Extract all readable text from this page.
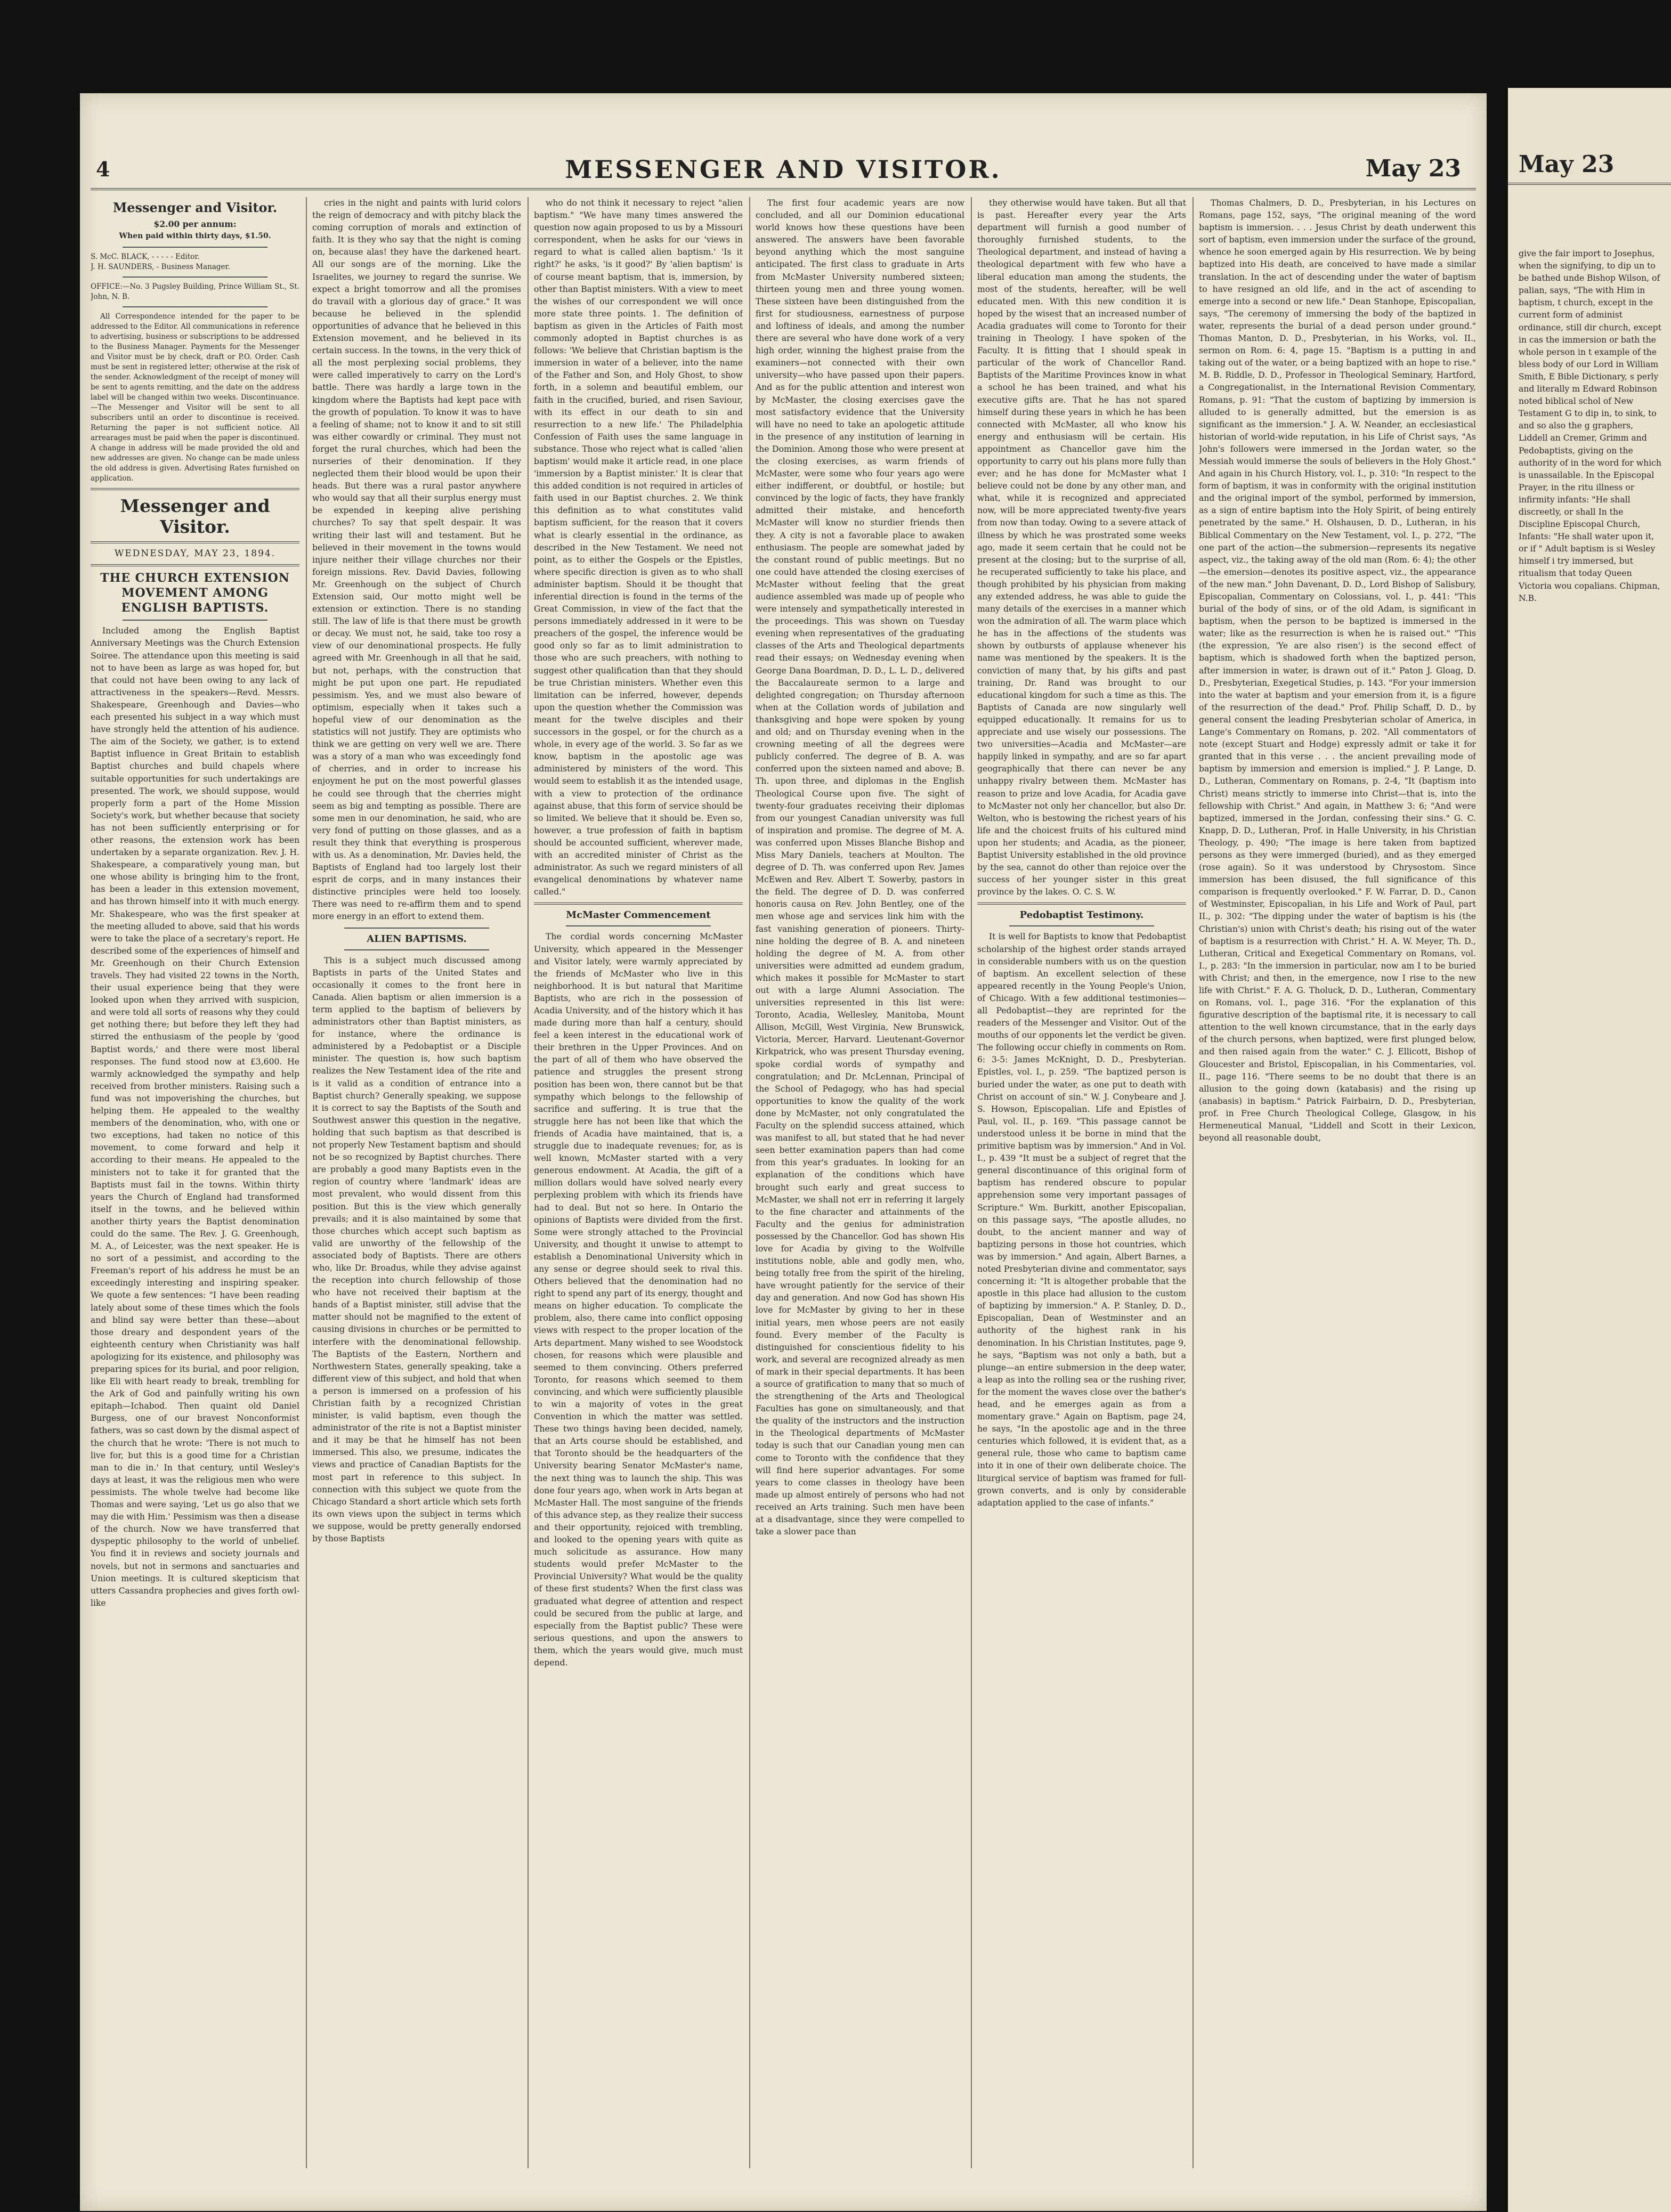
4	MESSENGER AND VISITOR.	May 23
Messenger and Visitor.
$2.00 per annum:
When paid within thirty days, $1.50.
S. McC. BLACK, - - - - - Editor.
J. H. SAUNDERS, - Business Manager.
OFFICE:—No. 3 Pugsley Building, Prince William St., St. John, N. B.
All Correspondence intended for the paper to be addressed to the Editor. All communications in reference to advertising, business or subscriptions to be addressed to the Business Manager. Payments for the Messenger and Visitor must be by check, draft or P.O. Order. Cash must be sent in registered letter; otherwise at the risk of the sender. Acknowledgment of the receipt of money will be sent to agents remitting, and the date on the address label will be changed within two weeks. Discontinuance.—The Messenger and Visitor will be sent to all subscribers until an order to discontinue is received. Returning the paper is not sufficient notice. All arrearages must be paid when the paper is discontinued. A change in address will be made provided the old and new addresses are given. No change can be made unless the old address is given. Advertising Rates furnished on application.
Messenger and Visitor.
WEDNESDAY, MAY 23, 1894.
THE CHURCH EXTENSION MOVEMENT AMONG ENGLISH BAPTISTS.

Included among the English Baptist Anniversary Meetings was the Church Extension Soiree. The attendance upon this meeting is said not to have been as large as was hoped for, but that could not have been owing to any lack of attractiveness in the speakers—Revd. Messrs. Shakespeare, Greenhough and Davies—who each presented his subject in a way which must have strongly held the attention of his audience. The aim of the Society, we gather, is to extend Baptist influence in Great Britain to establish Baptist churches and build chapels where suitable opportunities for such undertakings are presented. The work, we should suppose, would properly form a part of the Home Mission Society's work, but whether because that society has not been sufficiently enterprising or for other reasons, the extension work has been undertaken by a separate organization. Rev. J. H. Shakespeare, a comparatively young man, but one whose ability is bringing him to the front, has been a leader in this extension movement, and has thrown himself into it with much energy. Mr. Shakespeare, who was the first speaker at the meeting alluded to above, said that his words were to take the place of a secretary's report. He described some of the experiences of himself and Mr. Greenhough on their Church Extension travels. They had visited 22 towns in the North, their usual experience being that they were looked upon when they arrived with suspicion, and were told all sorts of reasons why they could get nothing there; but before they left they had stirred the enthusiasm of the people by 'good Baptist words,' and there were most liberal responses. The fund stood now at £3,600. He warmly acknowledged the sympathy and help received from brother ministers. Raising such a fund was not impoverishing the churches, but helping them. He appealed to the wealthy members of the denomination, who, with one or two exceptions, had taken no notice of this movement, to come forward and help it according to their means. He appealed to the ministers not to take it for granted that the Baptists must fail in the towns. Within thirty years the Church of England had transformed itself in the towns, and he believed within another thirty years the Baptist denomination could do the same. The Rev. J. G. Greenhough, M. A., of Leicester, was the next speaker. He is no sort of a pessimist, and according to the Freeman's report of his address he must be an exceedingly interesting and inspiring speaker. We quote a few sentences: "I have been reading lately about some of these times which the fools and blind say were better than these—about those dreary and despondent years of the eighteenth century when Christianity was half apologizing for its existence, and philosophy was preparing spices for its burial, and poor religion, like Eli with heart ready to break, trembling for the Ark of God and painfully writing his own epitaph—Ichabod. Then quaint old Daniel Burgess, one of our bravest Nonconformist fathers, was so cast down by the dismal aspect of the church that he wrote: 'There is not much to live for, but this is a good time for a Christian man to die in.' In that century, until Wesley's days at least, it was the religious men who were pessimists. The whole twelve had become like Thomas and were saying, 'Let us go also that we may die with Him.' Pessimism was then a disease of the church. Now we have transferred that dyspeptic philosophy to the world of unbelief. You find it in reviews and society journals and novels, but not in sermons and sanctuaries and Union meetings. It is cultured skepticism that utters Cassandra prophecies and gives forth owl-like

cries in the night and paints with lurid colors the reign of democracy and with pitchy black the coming corruption of morals and extinction of faith. It is they who say that the night is coming on, because alas! they have the darkened heart. All our songs are of the morning. Like the Israelites, we journey to regard the sunrise. We expect a bright tomorrow and all the promises do travail with a glorious day of grace." It was because he believed in the splendid opportunities of advance that he believed in this Extension movement, and he believed in its certain success. In the towns, in the very thick of all the most perplexing social problems, they were called imperatively to carry on the Lord's battle. There was hardly a large town in the kingdom where the Baptists had kept pace with the growth of population. To know it was to have a feeling of shame; not to know it and to sit still was either cowardly or criminal. They must not forget the rural churches, which had been the nurseries of their denomination. If they neglected them their blood would be upon their heads. But there was a rural pastor anywhere who would say that all their surplus energy must be expended in keeping alive perishing churches? To say that spelt despair. It was writing their last will and testament. But he believed in their movement in the towns would injure neither their village churches nor their foreign missions. Rev. David Davies, following Mr. Greenhough on the subject of Church Extension said, Our motto might well be extension or extinction. There is no standing still. The law of life is that there must be growth or decay. We must not, he said, take too rosy a view of our denominational prospects. He fully agreed with Mr. Greenhough in all that he said, but not, perhaps, with the construction that might be put upon one part. He repudiated pessimism. Yes, and we must also beware of optimism, especially when it takes such a hopeful view of our denomination as the statistics will not justify. They are optimists who think we are getting on very well we are. There was a story of a man who was exceedingly fond of cherries, and in order to increase his enjoyment he put on the most powerful glasses he could see through that the cherries might seem as big and tempting as possible. There are some men in our denomination, he said, who are very fond of putting on those glasses, and as a result they think that everything is prosperous with us. As a denomination, Mr. Davies held, the Baptists of England had too largely lost their esprit de corps, and in many instances their distinctive principles were held too loosely. There was need to re-affirm them and to spend more energy in an effort to extend them.

ALIEN BAPTISMS.

This is a subject much discussed among Baptists in parts of the United States and occasionally it comes to the front here in Canada. Alien baptism or alien immersion is a term applied to the baptism of believers by administrators other than Baptist ministers, as for instance, where the ordinance is administered by a Pedobaptist or a Disciple minister. The question is, how such baptism realizes the New Testament idea of the rite and is it valid as a condition of entrance into a Baptist church? Generally speaking, we suppose it is correct to say the Baptists of the South and Southwest answer this question in the negative, holding that such baptism as that described is not properly New Testament baptism and should not be so recognized by Baptist churches. There are probably a good many Baptists even in the region of country where 'landmark' ideas are most prevalent, who would dissent from this position. But this is the view which generally prevails; and it is also maintained by some that those churches which accept such baptism as valid are unworthy of the fellowship of the associated body of Baptists. There are others who, like Dr. Broadus, while they advise against the reception into church fellowship of those who have not received their baptism at the hands of a Baptist minister, still advise that the matter should not be magnified to the extent of causing divisions in churches or be permitted to interfere with the denominational fellowship. The Baptists of the Eastern, Northern and Northwestern States, generally speaking, take a different view of this subject, and hold that when a person is immersed on a profession of his Christian faith by a recognized Christian minister, is valid baptism, even though the administrator of the rite is not a Baptist minister and it may be that he himself has not been immersed. This also, we presume, indicates the views and practice of Canadian Baptists for the most part in reference to this subject. In connection with this subject we quote from the Chicago Standard a short article which sets forth its own views upon the subject in terms which we suppose, would be pretty generally endorsed by those Baptists

who do not think it necessary to reject "alien baptism." "We have many times answered the question now again proposed to us by a Missouri correspondent, when he asks for our 'views in regard to what is called alien baptism.' 'Is it right?' he asks, 'is it good?' By 'alien baptism' is of course meant baptism, that is, immersion, by other than Baptist ministers. With a view to meet the wishes of our correspondent we will once more state three points. 1. The definition of baptism as given in the Articles of Faith most commonly adopted in Baptist churches is as follows: 'We believe that Christian baptism is the immersion in water of a believer, into the name of the Father and Son, and Holy Ghost, to show forth, in a solemn and beautiful emblem, our faith in the crucified, buried, and risen Saviour, with its effect in our death to sin and resurrection to a new life.' The Philadelphia Confession of Faith uses the same language in substance. Those who reject what is called 'alien baptism' would make it article read, in one place 'immersion by a Baptist minister.' It is clear that this added condition is not required in articles of faith used in our Baptist churches. 2. We think this definition as to what constitutes valid baptism sufficient, for the reason that it covers what is clearly essential in the ordinance, as described in the New Testament. We need not point, as to either the Gospels or the Epistles, where specific direction is given as to who shall administer baptism. Should it be thought that inferential direction is found in the terms of the Great Commission, in view of the fact that the persons immediately addressed in it were to be preachers of the gospel, the inference would be good only so far as to limit administration to those who are such preachers, with nothing to suggest other qualification than that they should be true Christian ministers. Whether even this limitation can be inferred, however, depends upon the question whether the Commission was meant for the twelve disciples and their successors in the gospel, or for the church as a whole, in every age of the world. 3. So far as we know, baptism in the apostolic age was administered by ministers of the word. This would seem to establish it as the intended usage, with a view to protection of the ordinance against abuse, that this form of service should be so limited. We believe that it should be. Even so, however, a true profession of faith in baptism should be accounted sufficient, wherever made, with an accredited minister of Christ as the administrator. As such we regard ministers of all evangelical denominations by whatever name called."

McMaster Commencement

The cordial words concerning McMaster University, which appeared in the Messenger and Visitor lately, were warmly appreciated by the friends of McMaster who live in this neighborhood. It is but natural that Maritime Baptists, who are rich in the possession of Acadia University, and of the history which it has made during more than half a century, should feel a keen interest in the educational work of their brethren in the Upper Provinces. And on the part of all of them who have observed the patience and struggles the present strong position has been won, there cannot but be that sympathy which belongs to the fellowship of sacrifice and suffering. It is true that the struggle here has not been like that which the friends of Acadia have maintained, that is, a struggle due to inadequate revenues; for, as is well known, McMaster started with a very generous endowment. At Acadia, the gift of a million dollars would have solved nearly every perplexing problem with which its friends have had to deal. But not so here. In Ontario the opinions of Baptists were divided from the first. Some were strongly attached to the Provincial University, and thought it unwise to attempt to establish a Denominational University which in any sense or degree should seek to rival this. Others believed that the denomination had no right to spend any part of its energy, thought and means on higher education. To complicate the problem, also, there came into conflict opposing views with respect to the proper location of the Arts department. Many wished to see Woodstock chosen, for reasons which were plausible and seemed to them convincing. Others preferred Toronto, for reasons which seemed to them convincing, and which were sufficiently plausible to win a majority of votes in the great Convention in which the matter was settled. These two things having been decided, namely, that an Arts course should be established, and that Toronto should be the headquarters of the University bearing Senator McMaster's name, the next thing was to launch the ship. This was done four years ago, when work in Arts began at McMaster Hall. The most sanguine of the friends of this advance step, as they realize their success and their opportunity, rejoiced with trembling, and looked to the opening years with quite as much solicitude as assurance. How many students would prefer McMaster to the Provincial University? What would be the quality of these first students? When the first class was graduated what degree of attention and respect could be secured from the public at large, and especially from the Baptist public? These were serious questions, and upon the answers to them, which the years would give, much must depend.

The first four academic years are now concluded, and all our Dominion educational world knows how these questions have been answered. The answers have been favorable beyond anything which the most sanguine anticipated. The first class to graduate in Arts from McMaster University numbered sixteen; thirteen young men and three young women. These sixteen have been distinguished from the first for studiousness, earnestness of purpose and loftiness of ideals, and among the number there are several who have done work of a very high order, winning the highest praise from the examiners—not connected with their own university—who have passed upon their papers. And as for the public attention and interest won by McMaster, the closing exercises gave the most satisfactory evidence that the University will have no need to take an apologetic attitude in the presence of any institution of learning in the Dominion. Among those who were present at the closing exercises, as warm friends of McMaster, were some who four years ago were either indifferent, or doubtful, or hostile; but convinced by the logic of facts, they have frankly admitted their mistake, and henceforth McMaster will know no sturdier friends then they. A city is not a favorable place to awaken enthusiasm. The people are somewhat jaded by the constant round of public meetings. But no one could have attended the closing exercises of McMaster without feeling that the great audience assembled was made up of people who were intensely and sympathetically interested in the proceedings. This was shown on Tuesday evening when representatives of the graduating classes of the Arts and Theological departments read their essays; on Wednesday evening when George Dana Boardman, D. D., L. L. D., delivered the Baccalaureate sermon to a large and delighted congregation; on Thursday afternoon when at the Collation words of jubilation and thanksgiving and hope were spoken by young and old; and on Thursday evening when in the crowning meeting of all the degrees were publicly conferred. The degree of B. A. was conferred upon the sixteen named and above; B. Th. upon three, and diplomas in the English Theological Course upon five. The sight of twenty-four graduates receiving their diplomas from our youngest Canadian university was full of inspiration and promise. The degree of M. A. was conferred upon Misses Blanche Bishop and Miss Mary Daniels, teachers at Moulton. The degree of D. Th. was conferred upon Rev. James McEwen and Rev. Albert T. Sowerby, pastors in the field. The degree of D. D. was conferred honoris causa on Rev. John Bentley, one of the men whose age and services link him with the fast vanishing generation of pioneers. Thirty-nine holding the degree of B. A. and nineteen holding the degree of M. A. from other universities were admitted ad eundem gradum, which makes it possible for McMaster to start out with a large Alumni Association. The universities represented in this list were: Toronto, Acadia, Wellesley, Manitoba, Mount Allison, McGill, West Virginia, New Brunswick, Victoria, Mercer, Harvard. Lieutenant-Governor Kirkpatrick, who was present Thursday evening, spoke cordial words of sympathy and congratulation; and Dr. McLennan, Principal of the School of Pedagogy, who has had special opportunities to know the quality of the work done by McMaster, not only congratulated the Faculty on the splendid success attained, which was manifest to all, but stated that he had never seen better examination papers than had come from this year's graduates. In looking for an explanation of the conditions which have brought such early and great success to McMaster, we shall not err in referring it largely to the fine character and attainments of the Faculty and the genius for administration possessed by the Chancellor. God has shown His love for Acadia by giving to the Wolfville institutions noble, able and godly men, who, being totally free from the spirit of the hireling, have wrought patiently for the service of their day and generation. And now God has shown His love for McMaster by giving to her in these initial years, men whose peers are not easily found. Every member of the Faculty is distinguished for conscientious fidelity to his work, and several are recognized already as men of mark in their special departments. It has been a source of gratification to many that so much of the strengthening of the Arts and Theological Faculties has gone on simultaneously, and that the quality of the instructors and the instruction in the Theological departments of McMaster today is such that our Canadian young men can come to Toronto with the confidence that they will find here superior advantages. For some years to come classes in theology have been made up almost entirely of persons who had not received an Arts training. Such men have been at a disadvantage, since they were compelled to take a slower pace than

they otherwise would have taken. But all that is past. Hereafter every year the Arts department will furnish a good number of thoroughly furnished students, to the Theological department, and instead of having a theological department with few who have a liberal education man among the students, the most of the students, hereafter, will be well educated men. With this new condition it is hoped by the wisest that an increased number of Acadia graduates will come to Toronto for their training in Theology. I have spoken of the Faculty. It is fitting that I should speak in particular of the work of Chancellor Rand. Baptists of the Maritime Provinces know in what a school he has been trained, and what his executive gifts are. That he has not spared himself during these years in which he has been connected with McMaster, all who know his energy and enthusiasm will be certain. His appointment as Chancellor gave him the opportunity to carry out his plans more fully than ever; and he has done for McMaster what I believe could not be done by any other man, and what, while it is recognized and appreciated now, will be more appreciated twenty-five years from now than today. Owing to a severe attack of illness by which he was prostrated some weeks ago, made it seem certain that he could not be present at the closing; but to the surprise of all, he recuperated sufficiently to take his place, and though prohibited by his physician from making any extended address, he was able to guide the many details of the exercises in a manner which won the admiration of all. The warm place which he has in the affections of the students was shown by outbursts of applause whenever his name was mentioned by the speakers. It is the conviction of many that, by his gifts and past training, Dr. Rand was brought to our educational kingdom for such a time as this. The Baptists of Canada are now singularly well equipped educationally. It remains for us to appreciate and use wisely our possessions. The two universities—Acadia and McMaster—are happily linked in sympathy, and are so far apart geographically that there can never be any unhappy rivalry between them. McMaster has reason to prize and love Acadia, for Acadia gave to McMaster not only her chancellor, but also Dr. Welton, who is bestowing the richest years of his life and the choicest fruits of his cultured mind upon her students; and Acadia, as the pioneer, Baptist University established in the old province by the sea, cannot do other than rejoice over the success of her younger sister in this great province by the lakes. O. C. S. W.

Pedobaptist Testimony.

It is well for Baptists to know that Pedobaptist scholarship of the highest order stands arrayed in considerable numbers with us on the question of baptism. An excellent selection of these appeared recently in the Young People's Union, of Chicago. With a few additional testimonies—all Pedobaptist—they are reprinted for the readers of the Messenger and Visitor. Out of the mouths of our opponents let the verdict be given. The following occur chiefly in comments on Rom. 6: 3-5: James McKnight, D. D., Presbyterian. Epistles, vol. I., p. 259. "The baptized person is buried under the water, as one put to death with Christ on account of sin." W. J. Conybeare and J. S. Howson, Episcopalian. Life and Epistles of Paul, vol. II., p. 169. "This passage cannot be understood unless it be borne in mind that the primitive baptism was by immersion." And in Vol. I., p. 439 "It must be a subject of regret that the general discontinuance of this original form of baptism has rendered obscure to popular apprehension some very important passages of Scripture." Wm. Burkitt, another Episcopalian, on this passage says, "The apostle alludes, no doubt, to the ancient manner and way of baptizing persons in those hot countries, which was by immersion." And again, Albert Barnes, a noted Presbyterian divine and commentator, says concerning it: "It is altogether probable that the apostle in this place had allusion to the custom of baptizing by immersion." A. P. Stanley, D. D., Episcopalian, Dean of Westminster and an authority of the highest rank in his denomination. In his Christian Institutes, page 9, he says, "Baptism was not only a bath, but a plunge—an entire submersion in the deep water, a leap as into the rolling sea or the rushing river, for the moment the waves close over the bather's head, and he emerges again as from a momentary grave." Again on Baptism, page 24, he says, "In the apostolic age and in the three centuries which followed, it is evident that, as a general rule, those who came to baptism came into it in one of their own deliberate choice. The liturgical service of baptism was framed for full-grown converts, and is only by considerable adaptation applied to the case of infants."

Thomas Chalmers, D. D., Presbyterian, in his Lectures on Romans, page 152, says, "The original meaning of the word baptism is immersion. . . . Jesus Christ by death underwent this sort of baptism, even immersion under the surface of the ground, whence he soon emerged again by His resurrection. We by being baptized into His death, are conceived to have made a similar translation. In the act of descending under the water of baptism to have resigned an old life, and in the act of ascending to emerge into a second or new life." Dean Stanhope, Episcopalian, says, "The ceremony of immersing the body of the baptized in water, represents the burial of a dead person under ground." Thomas Manton, D. D., Presbyterian, in his Works, vol. II., sermon on Rom. 6: 4, page 15. "Baptism is a putting in and taking out of the water, or a being baptized with an hope to rise." M. B. Riddle, D. D., Professor in Theological Seminary, Hartford, a Congregationalist, in the International Revision Commentary, Romans, p. 91: "That the custom of baptizing by immersion is alluded to is generally admitted, but the emersion is as significant as the immersion." J. A. W. Neander, an ecclesiastical historian of world-wide reputation, in his Life of Christ says, "As John's followers were immersed in the Jordan water, so the Messiah would immerse the souls of believers in the Holy Ghost." And again in his Church History, vol. I., p. 310: "In respect to the form of baptism, it was in conformity with the original institution and the original import of the symbol, performed by immersion, as a sign of entire baptism into the Holy Spirit, of being entirely penetrated by the same." H. Olshausen, D. D., Lutheran, in his Biblical Commentary on the New Testament, vol. I., p. 272, "The one part of the action—the submersion—represents its negative aspect, viz., the taking away of the old man (Rom. 6: 4); the other—the emersion—denotes its positive aspect, viz., the appearance of the new man." John Davenant, D. D., Lord Bishop of Salisbury, Episcopalian, Commentary on Colossians, vol. I., p. 441: "This burial of the body of sins, or of the old Adam, is significant in baptism, when the person to be baptized is immersed in the water; like as the resurrection is when he is raised out." "This (the expression, 'Ye are also risen') is the second effect of baptism, which is shadowed forth when the baptized person, after immersion in water, is drawn out of it." Paton J. Gloag, D. D., Presbyterian, Exegetical Studies, p. 143. "For your immersion into the water at baptism and your emersion from it, is a figure of the resurrection of the dead." Prof. Philip Schaff, D. D., by general consent the leading Presbyterian scholar of America, in Lange's Commentary on Romans, p. 202. "All commentators of note (except Stuart and Hodge) expressly admit or take it for granted that in this verse . . . the ancient prevailing mode of baptism by immersion and emersion is implied." J. P. Lange, D. D., Lutheran, Commentary on Romans, p. 2-4, "It (baptism into Christ) means strictly to immerse into Christ—that is, into the fellowship with Christ." And again, in Matthew 3: 6; "And were baptized, immersed in the Jordan, confessing their sins." G. C. Knapp, D. D., Lutheran, Prof. in Halle University, in his Christian Theology, p. 490; "The image is here taken from baptized persons as they were immerged (buried), and as they emerged (rose again). So it was understood by Chrysostom. Since immersion has been disused, the full significance of this comparison is frequently overlooked." F. W. Farrar, D. D., Canon of Westminster, Episcopalian, in his Life and Work of Paul, part II., p. 302: "The dipping under the water of baptism is his (the Christian's) union with Christ's death; his rising out of the water of baptism is a resurrection with Christ." H. A. W. Meyer, Th. D., Lutheran, Critical and Exegetical Commentary on Romans, vol. I., p. 283: "In the immersion in particular, now am I to be buried with Christ; and then, in the emergence, now I rise to the new life with Christ." F. A. G. Tholuck, D. D., Lutheran, Commentary on Romans, vol. I., page 316. "For the explanation of this figurative description of the baptismal rite, it is necessary to call attention to the well known circumstance, that in the early days of the church persons, when baptized, were first plunged below, and then raised again from the water." C. J. Ellicott, Bishop of Gloucester and Bristol, Episcopalian, in his Commentaries, vol. II., page 116. "There seems to be no doubt that there is an allusion to the going down (katabasis) and the rising up (anabasis) in baptism." Patrick Fairbairn, D. D., Presbyterian, prof. in Free Church Theological College, Glasgow, in his Hermeneutical Manual, "Liddell and Scott in their Lexicon, beyond all reasonable doubt,

May 23
give the fair import to Josephus, when the signifying, to dip un to be bathed unde Bishop Wilson, of palian, says, "The with Him in baptism, t church, except in the current form of administ ordinance, still dir church, except in cas the immersion or bath the whole person in t example of the bless body of our Lord in William Smith, E Bible Dictionary, s perly and literally m Edward Robinson noted biblical schol of New Testament G to dip in, to sink, to and so also the g graphers, Liddell an Cremer, Grimm and Pedobaptists, giving on the authority of in the word for which is unassailable. In the Episcopal Prayer, in the ritu illness or infirmity infants: "He shall discreetly, or shall In the Discipline Episcopal Church, Infants: "He shall water upon it, or if " Adult baptism is si Wesley himself i try immersed, but ritualism that today Queen Victoria wou copalians. Chipman, N.B.
